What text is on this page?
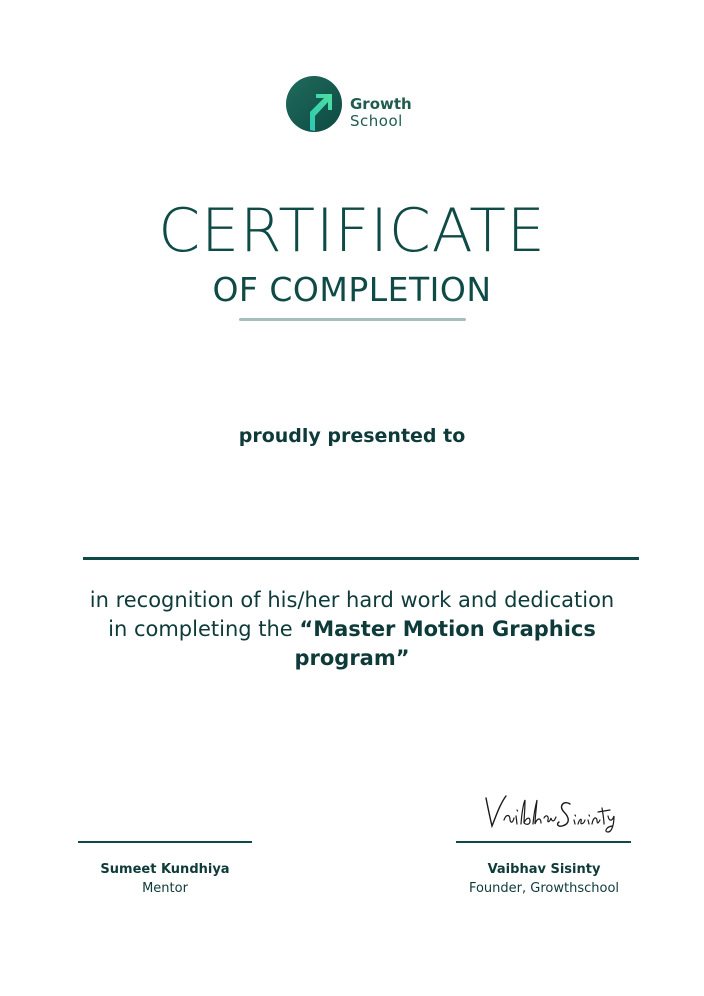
Growth
School
CERTIFICATE
OF COMPLETION
proudly presented to
in recognition of his/her hard work and dedication
in completing the “Master Motion Graphics program”
Sumeet Kundhiya
Mentor
Vaibhav Sisinty
Founder, Growthschool
